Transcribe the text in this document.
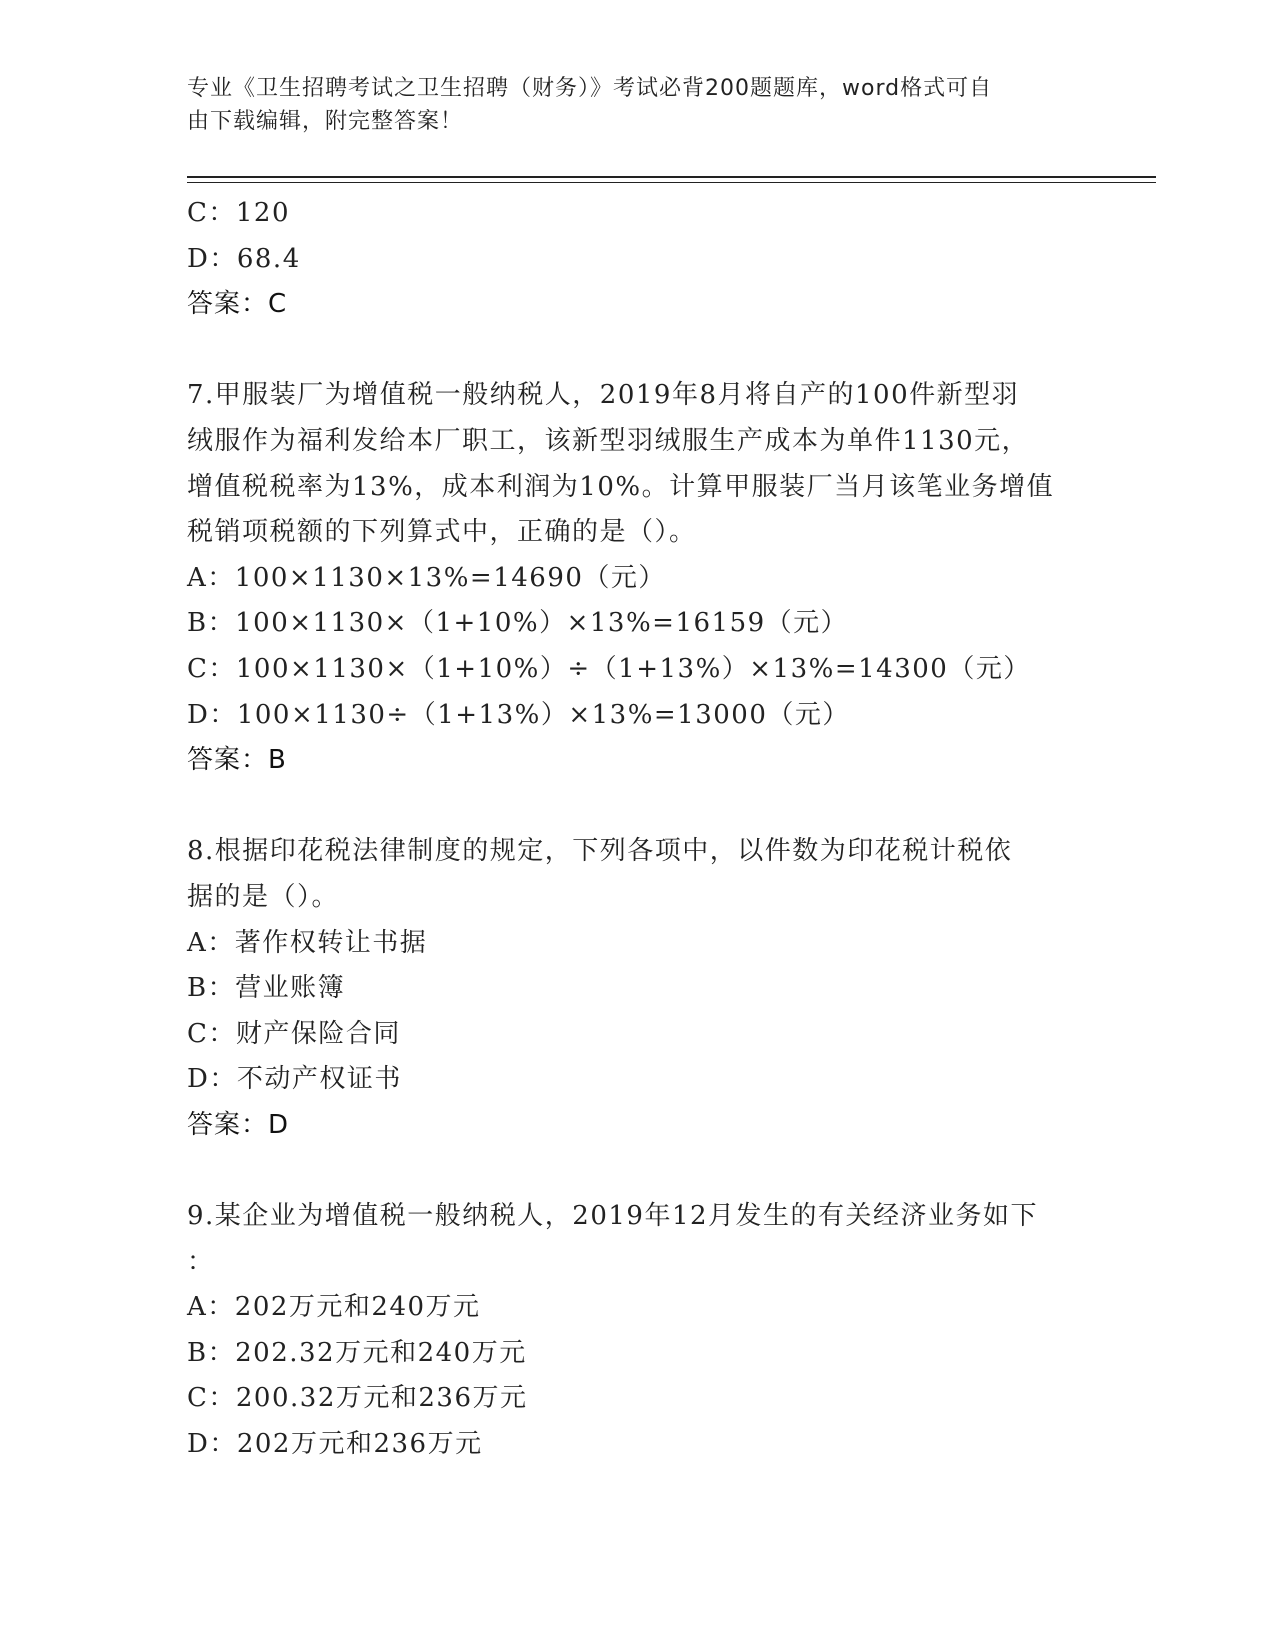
专业《卫生招聘考试之卫生招聘（财务）》考试必背200题题库，word格式可自
由下载编辑，附完整答案！
C：120
D：68.4
答案：C
7.甲服装厂为增值税一般纳税人，2019年8月将自产的100件新型羽
绒服作为福利发给本厂职工，该新型羽绒服生产成本为单件1130元，
增值税税率为13%，成本利润为10%。计算甲服装厂当月该笔业务增值
税销项税额的下列算式中，正确的是（）。
A：100×1130×13%=14690（元）
B：100×1130×（1+10%）×13%=16159（元）
C：100×1130×（1+10%）÷（1+13%）×13%=14300（元）
D：100×1130÷（1+13%）×13%=13000（元）
答案：B
8.根据印花税法律制度的规定，下列各项中，以件数为印花税计税依
据的是（）。
A：著作权转让书据
B：营业账簿
C：财产保险合同
D：不动产权证书
答案：D
9.某企业为增值税一般纳税人，2019年12月发生的有关经济业务如下
：
A：202万元和240万元
B：202.32万元和240万元
C：200.32万元和236万元
D：202万元和236万元
